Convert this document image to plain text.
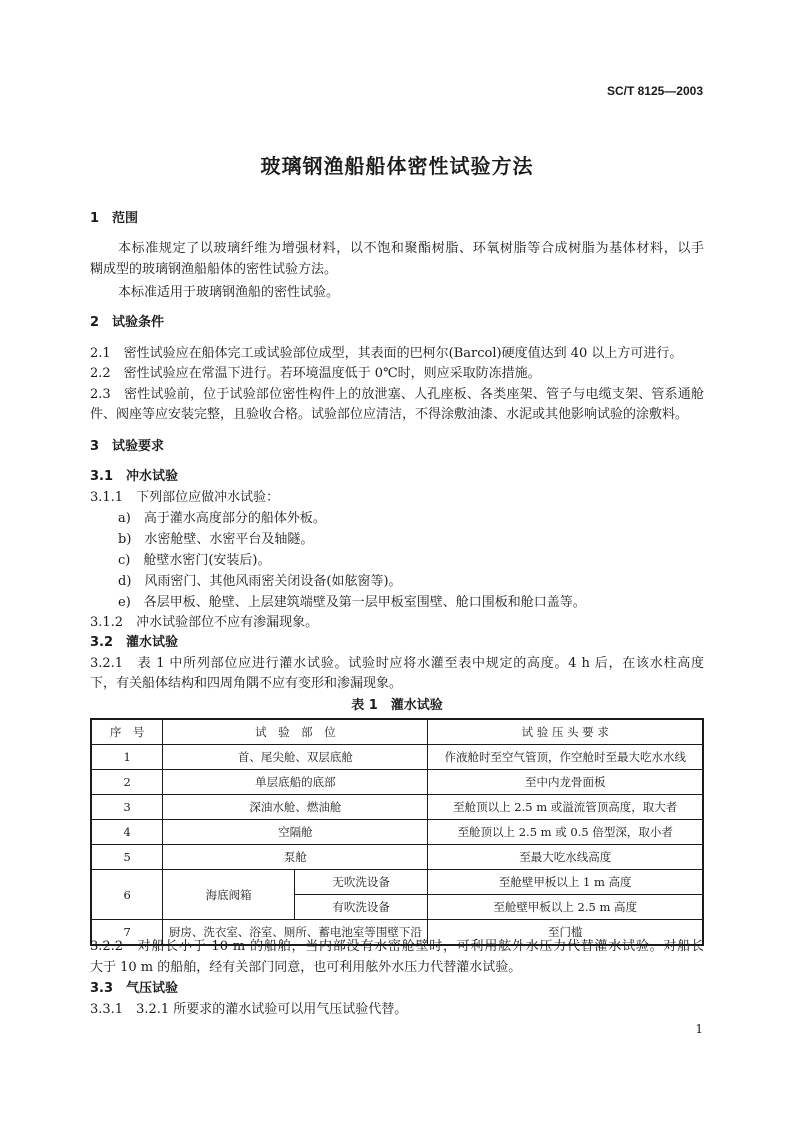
SC/T 8125—2003
玻璃钢渔船船体密性试验方法
1　范围
本标准规定了以玻璃纤维为增强材料，以不饱和聚酯树脂、环氧树脂等合成树脂为基体材料，以手
糊成型的玻璃钢渔船船体的密性试验方法。
本标准适用于玻璃钢渔船的密性试验。
2　试验条件
2.1　密性试验应在船体完工或试验部位成型，其表面的巴柯尔(Barcol)硬度值达到 40 以上方可进行。
2.2　密性试验应在常温下进行。若环境温度低于 0℃时，则应采取防冻措施。
2.3　密性试验前，位于试验部位密性构件上的放泄塞、人孔座板、各类座架、管子与电缆支架、管系通舱
件、阀座等应安装完整，且验收合格。试验部位应清洁，不得涂敷油漆、水泥或其他影响试验的涂敷料。
3　试验要求
3.1　冲水试验
3.1.1　下列部位应做冲水试验：
a)　高于灌水高度部分的船体外板。
b)　水密舱壁、水密平台及轴隧。
c)　舱壁水密门(安装后)。
d)　风雨密门、其他风雨密关闭设备(如舷窗等)。
e)　各层甲板、舱壁、上层建筑端壁及第一层甲板室围壁、舱口围板和舱口盖等。
3.1.2　冲水试验部位不应有渗漏现象。
3.2　灌水试验
3.2.1　表 1 中所列部位应进行灌水试验。试验时应将水灌至表中规定的高度。4 h 后，在该水柱高度
下，有关船体结构和四周角隅不应有变形和渗漏现象。
表 1　灌水试验
序　号	试　验　部　位		试 验 压 头 要 求
1	首、尾尖舱、双层底舱		作液舱时至空气管顶，作空舱时至最大吃水水线
2	单层底船的底部		至中内龙骨面板
3	深油水舱、燃油舱		至舱顶以上 2.5 m 或溢流管顶高度，取大者
4	空隔舱		至舱顶以上 2.5 m 或 0.5 倍型深，取小者
5	泵舱		至最大吃水线高度
6	海底阀箱	无吹洗设备	至舱壁甲板以上 1 m 高度
		有吹洗设备	至舱壁甲板以上 2.5 m 高度
7	厨房、洗衣室、浴室、厕所、蓄电池室等围壁下沿		至门槛
3.2.2　对船长小于 10 m 的船舶，当内部没有水密舱壁时，可利用舷外水压力代替灌水试验。对船长
大于 10 m 的船舶，经有关部门同意，也可利用舷外水压力代替灌水试验。
3.3　气压试验
3.3.1　3.2.1 所要求的灌水试验可以用气压试验代替。
1
